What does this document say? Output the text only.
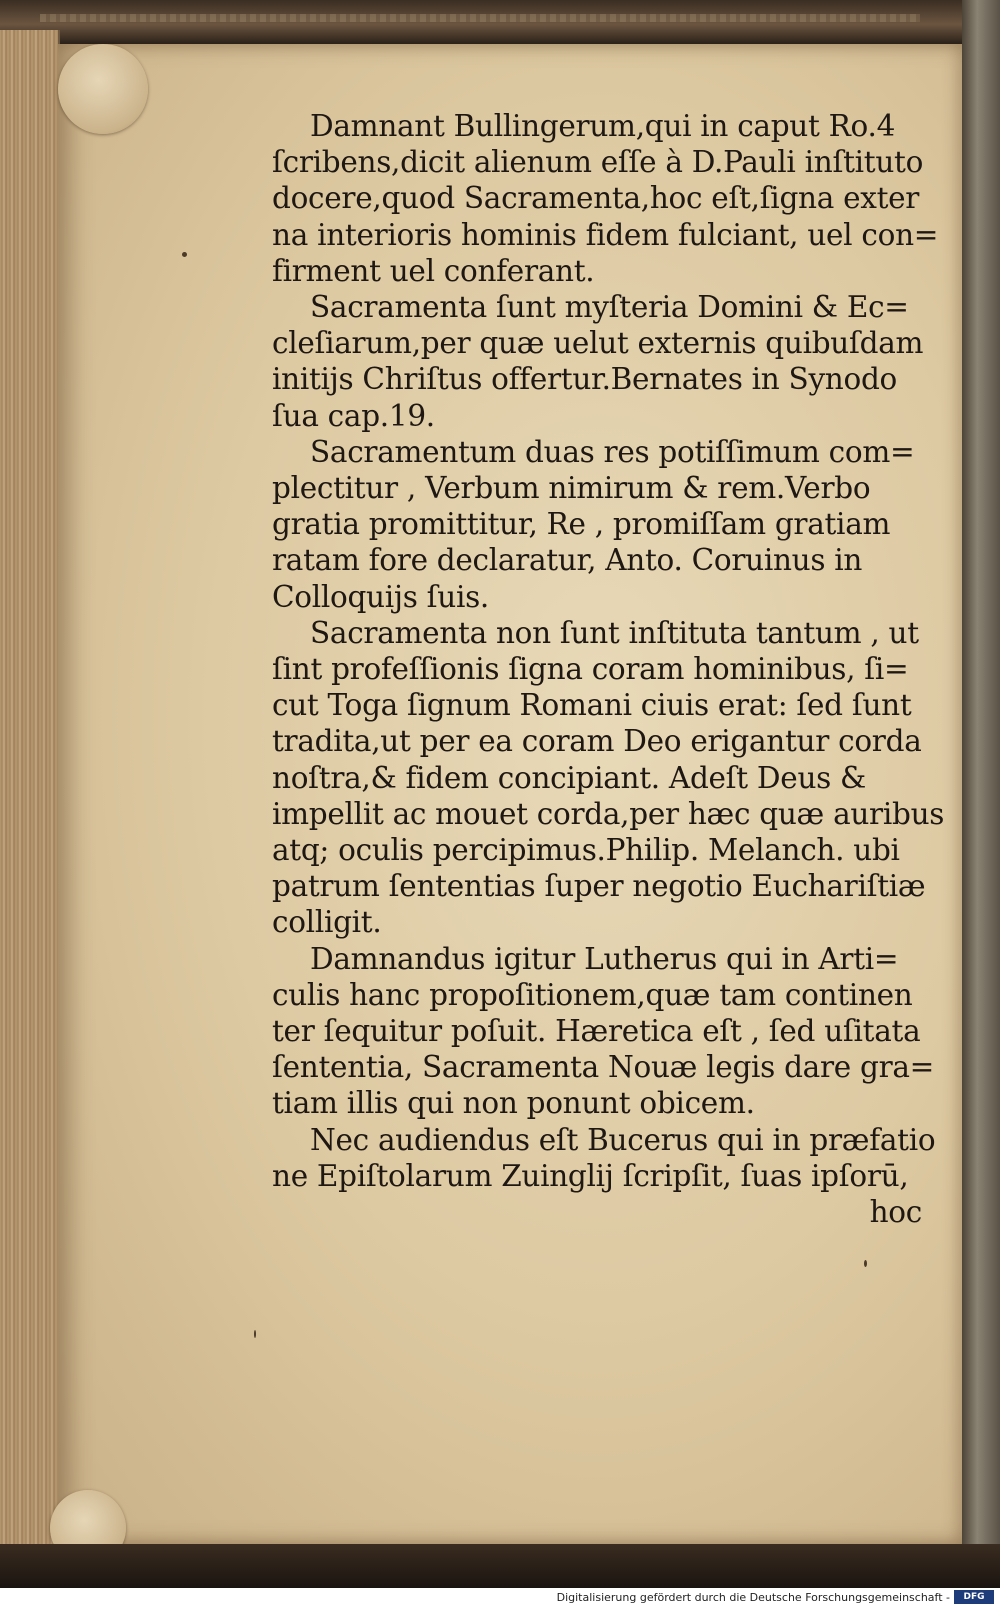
Damnant Bullingerum,qui in caput Ro.4
ſcribens,dicit alienum eſſe à D.Pauli inſtituto
docere,quod Sacramenta,hoc eſt,ſigna exter
na interioris hominis fidem fulciant, uel con=
firment uel conferant.
Sacramenta ſunt myſteria Domini & Ec=
cleſiarum,per quæ uelut externis quibuſdam
initijs Chriſtus offertur.Bernates in Synodo
ſua cap.19.
Sacramentum duas res potiſſimum com=
plectitur , Verbum nimirum & rem.Verbo
gratia promittitur, Re , promiſſam gratiam
ratam fore declaratur, Anto. Coruinus in
Colloquijs ſuis.
Sacramenta non ſunt inſtituta tantum , ut
ſint profeſſionis ſigna coram hominibus, ſi=
cut Toga ſignum Romani ciuis erat: ſed ſunt
tradita,ut per ea coram Deo erigantur corda
noſtra,& fidem concipiant. Adeſt Deus &
impellit ac mouet corda,per hæc quæ auribus
atq; oculis percipimus.Philip. Melanch. ubi
patrum ſententias ſuper negotio Euchariſtiæ
colligit.
Damnandus igitur Lutherus qui in Arti=
culis hanc propoſitionem,quæ tam continen
ter ſequitur poſuit. Hæretica eſt , ſed uſitata
ſententia, Sacramenta Nouæ legis dare gra=
tiam illis qui non ponunt obicem.
Nec audiendus eſt Bucerus qui in præfatio
ne Epiſtolarum Zuinglij ſcripſit, ſuas ipſorū,
hoc
Digitalisierung gefördert durch die Deutsche Forschungsgemeinschaft -	DFG
